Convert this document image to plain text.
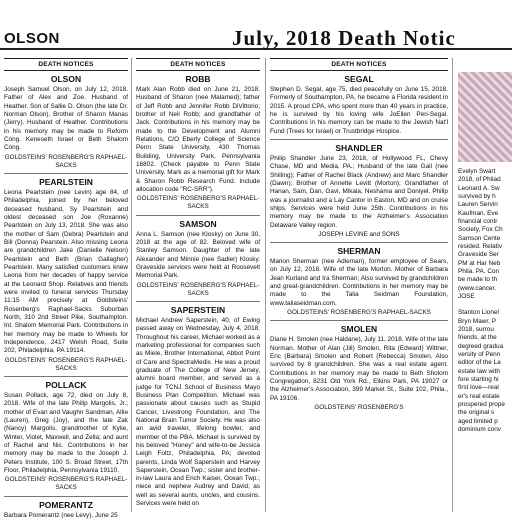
OLSON	July, 2018 Death Notic
DEATH NOTICES
OLSON
Joseph Samuel Olson, on July 12, 2018. Father of Alex and Zoe. Husband of Heather. Son of Sallie D. Olson (the late Dr. Norman Olson). Brother of Sharon Manas (Jerry). Husband of Heather. Contributions in his memory may be made to Reform Cong. Keneseth Israel or Beth Shalom Cong.
GOLDSTEINS' ROSENBERG'S RAPHAEL-SACKS
PEARLSTEIN
Leona Pearlstein (nee Levin) age 84, of Philadelphia, joined by her beloved deceased husband, Sy Pearlstein and oldest deceased son Joe (Roxanne) Pearlstein on July 13, 2018. She was also the mother of Sam (Debra) Pearlstein and Bill (Donna) Pearstein. Also missing Leona are grandchildren Jake (Danielle Nelson) Pearlstein and Beth (Brian Gallagher) Pearlstein. Many satisfied customers knew Leona from her decades of happy service at the Leonard Shop. Relatives and friends were invited to funeral services Thursday 11:15 AM precisely at Goldsteins' Rosenberg's Raphael-Sacks Suburban North, 310 2nd Street Pike, Southampton. Int. Shalom Memorial Park. Contributions in her memory may be made to Wheels for Independence, 2417 Welsh Road, Suite 202, Philadelphia, PA 19114.
GOLDSTEINS' ROSENBERG'S RAPHAEL-SACKS
POLLACK
Susan Pollack, age 72, died on July 8, 2018. Wife of the late Philip Margolis, Jr.; mother of Evan and Vaughn Sandman, Allie (Lauren), Greg (Joy), and the late Zak (Nancy) Margolis; grandmother of Kylie, Winter, Violet, Maxwell, and Zella; and aunt of Rachel and Nic. Contributions in her memory may be made to the Joseph J. Peters Institute, 100 S. Broad Street, 17th Floor, Philadelphia, Pennsylvania 19110.
GOLDSTEINS' ROSENBERG'S RAPHAEL-SACKS
POMERANTZ
Barbara Pomerantz (nee Levy), June 25
DEATH NOTICES
ROBB
Mark Alan Robb died on June 21, 2018. Husband of Sharon (nee Malamed); father of Jeff Robb and Jennifer Robb DiVittorio; brother of Neil Robb; and grandfather of Jack. Contributions in his memory may be made to the Development and Alumni Relations, C/O Eberly College of Science Penn State University, 430 Thomas Building, University Park, Pennsylvania 16802. (Check payable to Penn State University. Mark as a memorial gift for Mark & Sharon Robb Research Fund. Include allocation code "RC-SRR").
GOLDSTEINS' ROSENBERG'S RAPHAEL-SACKS
SAMSON
Anna L. Samson (nee Klosky) on June 30, 2018 at the age of 82. Beloved wife of Stanley Samson. Daughter of the late Alexander and Minnie (nee Sadler) Klosky. Graveside services were held at Roosevelt Memorial Park.
GOLDSTEINS' ROSENBERG'S RAPHAEL-SACKS
SAPERSTEIN
Michael Andrew Saperstein, 40, of Ewing passed away on Wednesday, July 4, 2018. Throughout his career, Michael worked as a marketing professional for companies such as Miele, Brother International, Abbot Point of Care and SpectraMedix. He was a proud graduate of The College of New Jersey, alumni board member, and served as a judge for TCNJ School of Business Mayo Business Plan Competition. Michael was passionate about causes such as Stupid Cancer, Livestrong Foundation, and The National Brain Tumor Society. He was also an avid traveler, lifelong bowler, and member of the PBA. Michael is survived by his beloved "Honey" and wife-to-be Jessica Leigh Foltz, Philadelphia, PA; devoted parents, Linda Wolf Saperstein and Harvey Saperstein, Ocean Twp.; sister and brother-in-law Laura and Erich Kaiser, Ocean Twp.; niece and nephew Audrey and David; as well as several aunts, uncles, and cousins. Services were held on
DEATH NOTICES
SEGAL
Stephen D. Segal, age 75, died peacefully on June 15, 2018. Formerly of Southampton, PA, he became a Florida resident in 2015. A proud CPA, who spent more than 40 years in practice, he is survived by his loving wife JoEllen Peri-Segal. Contributions in his memory can be made to the Jewish Nat'l Fund (Trees for Israel) or Trustbridge Hospice.
SHANDLER
Philip Shandler June 23, 2018, of Hollywood FL, Chevy Chase, MD and Media, PA.; Husband of the late Gail (nee Shilling); Father of Rachel Black (Andrew) and Marc Shandler (Dawn); Brother of Annette Levitt (Morton); Grandfather of Hanan, Sam, Dan, Gavi, Mikala, Neshama and Doniyel. Philip was a journalist and a Lay Cantor in Easton, MD and on cruise ships. Services were held June 25th. Contributions in his memory may be made to the Alzheimer's Association Delaware Valley region.
JOSEPH LEVINE and SONS
SHERMAN
Marion Sherman (nee Adleman), former employee of Sears, on July 12, 2018. Wife of the late Morton. Mother of Barbara Jean Kurland and Ira Sherman; Also survived by grandchildren and great-grandchildren. Contributions in her memory may be made to the Talia Seidman Foundation, www.taliaseidman.com.
GOLDSTEINS' ROSENBERG'S RAPHAEL-SACKS
SMOLEN
Diane H. Smolen (nee Haldane), July 11, 2018. Wife of the late Norman. Mother of Alan (Jill) Smolen, Rita (Edward) Wittner, Eric (Barbara) Smolen and Robert (Rebecca) Smolen. Also survived by 8 grandchildren. She was a real estate agent. Contributions in her memory may be made to Beth Sholom Congregation, 8231 Old York Rd., Elkins Park, PA 19027 or the Alzheimer's Association, 399 Market St., Suite 102, Phila., PA 19106.
GOLDSTEINS' ROSENBERG'S
Evelyn Swart
2018, of Philad
Leonard A. Sw
survived by h
Lauren Servin
Kaufman. Eve
financial contr
Society, Fox Ch
Samson Cente
resided. Relativ
Graveside Ser
PM at Har Neb
Phila. PA. Con
be made to th
(www.cancer.
JOSE
Stanton Lionel
Bryn Mawr, P
2018, surrou
friends, at the
degreed gradua
versity of Penn
editor of the La
estate law with
fore starting hi
first love—real
er's real estate
prospered prope
the original s
aged limited p
dominium conv
